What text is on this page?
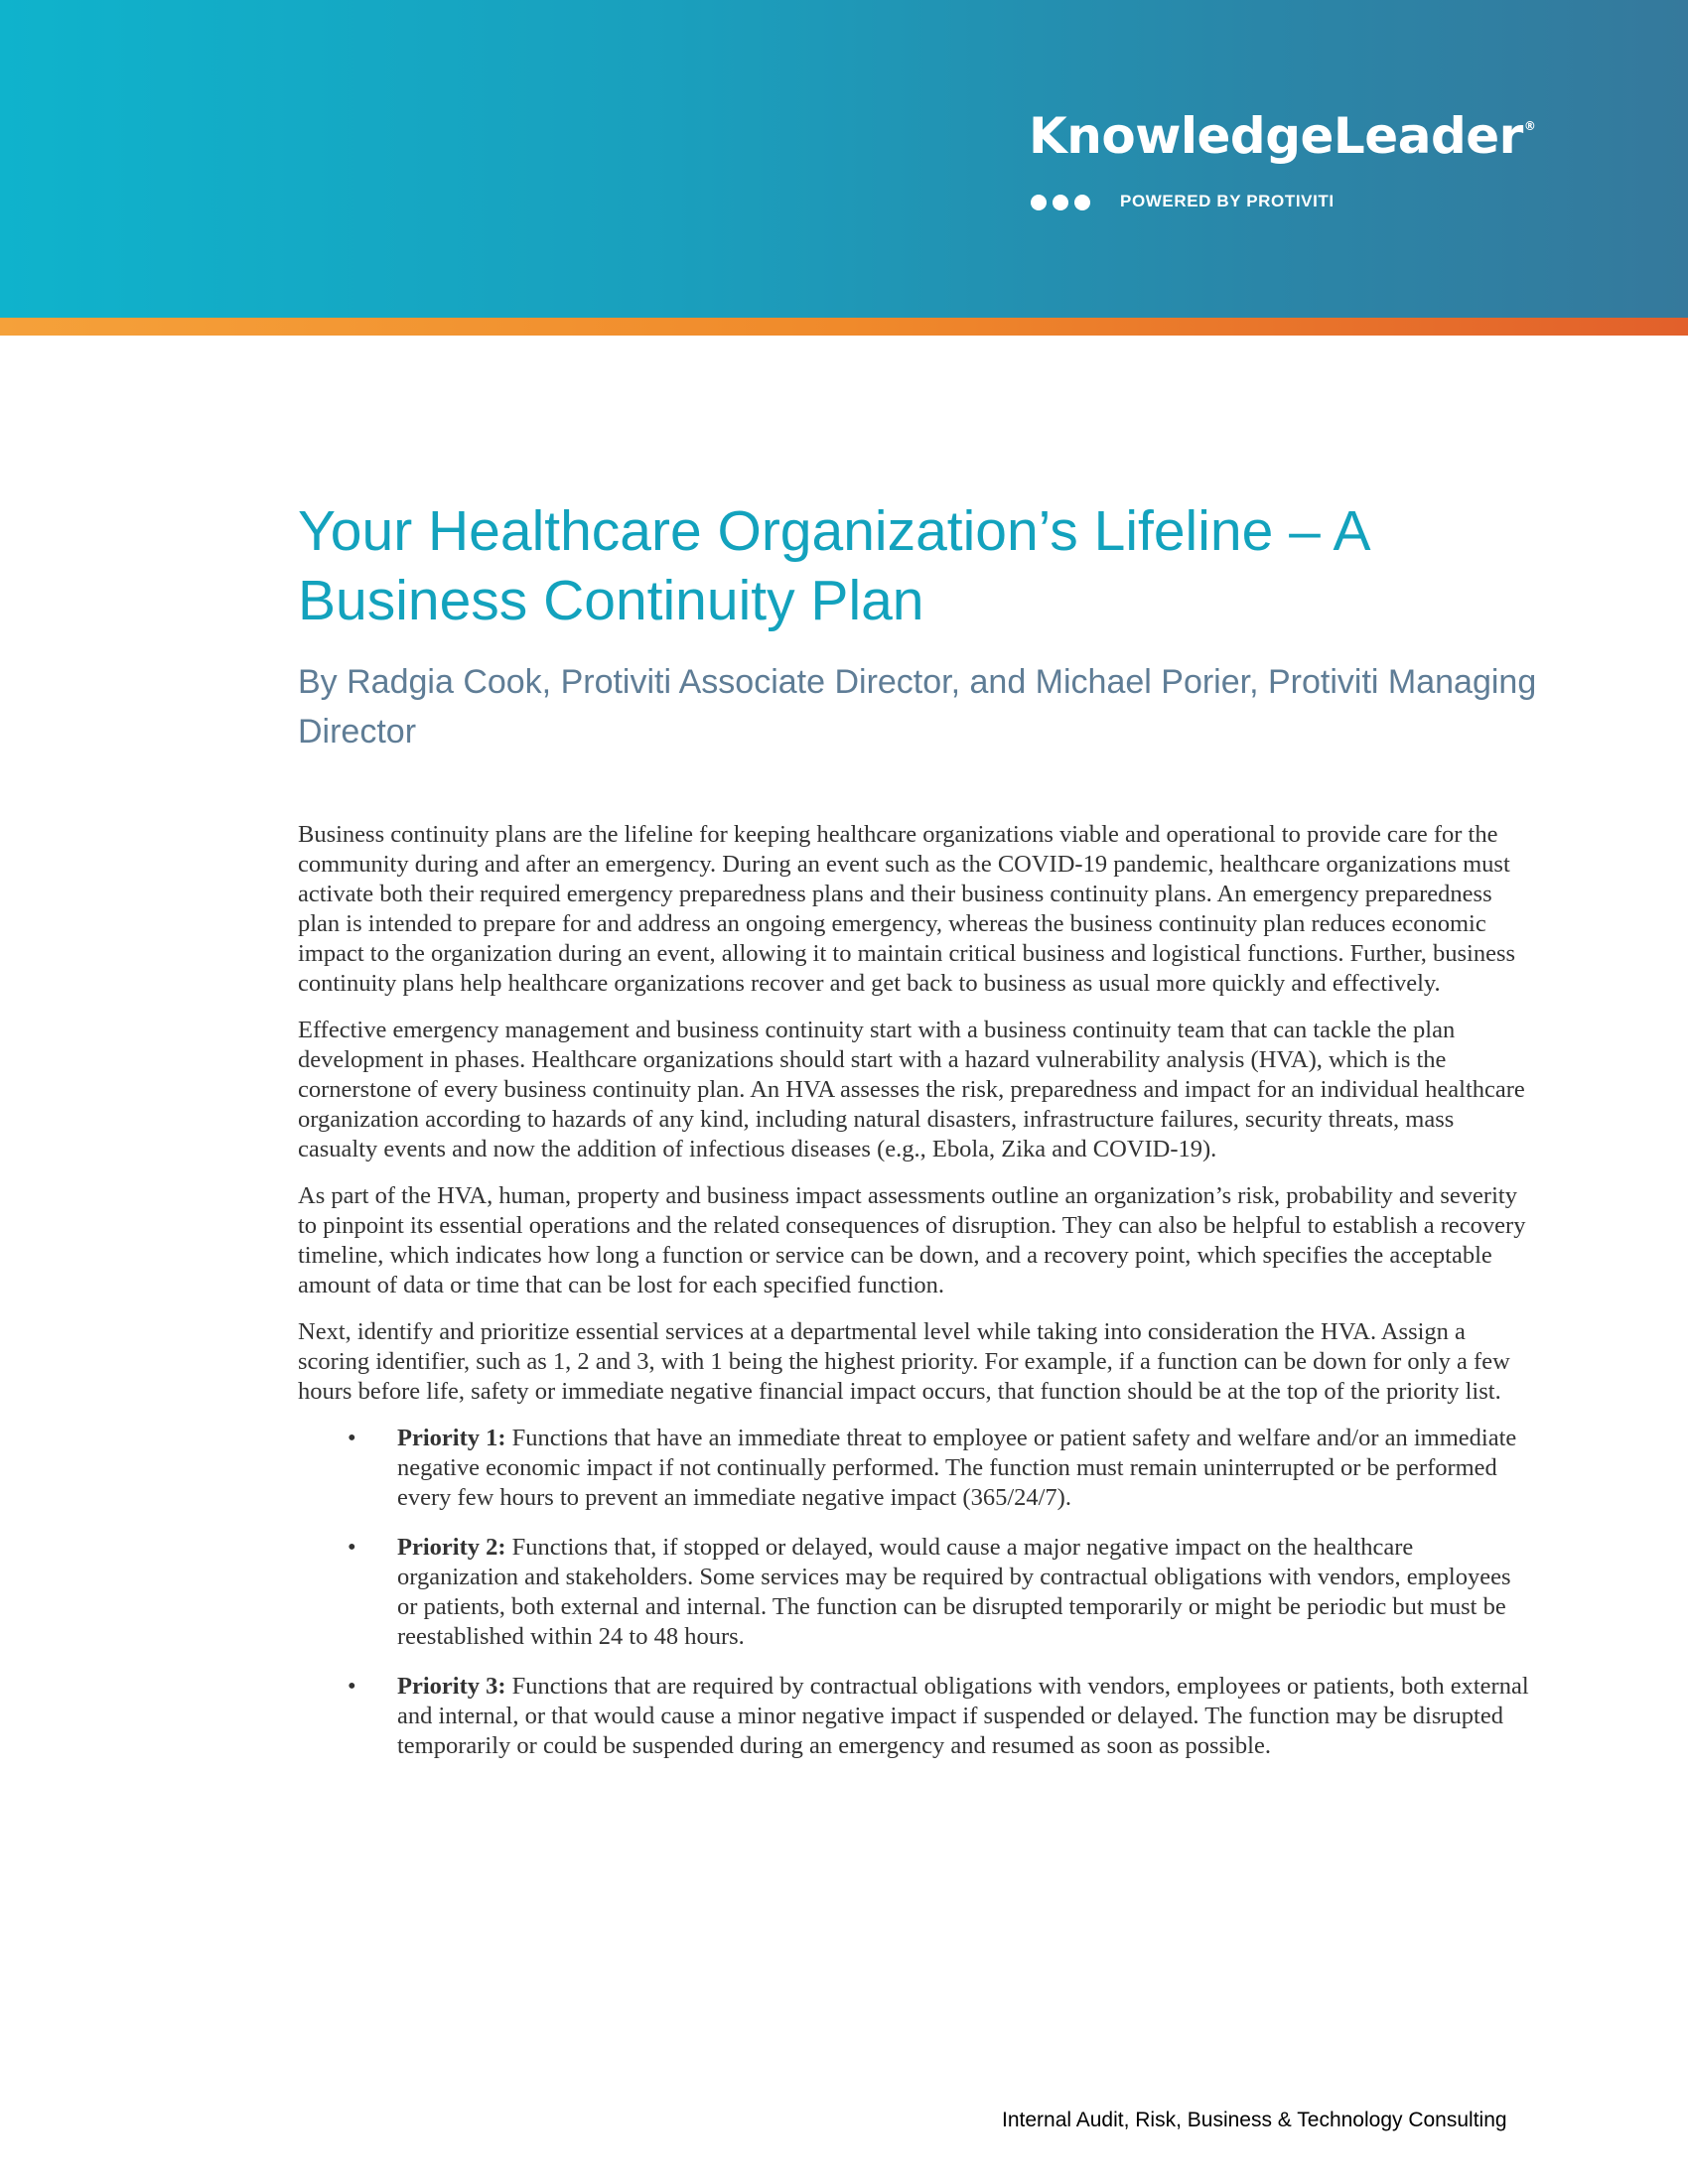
KnowledgeLeader®
POWERED BY PROTIVITI
Your Healthcare Organization’s Lifeline – A Business Continuity Plan

By Radgia Cook, Protiviti Associate Director, and Michael Porier, Protiviti Managing Director

Business continuity plans are the lifeline for keeping healthcare organizations viable and operational to provide care for the community during and after an emergency. During an event such as the COVID-19 pandemic, healthcare organizations must activate both their required emergency preparedness plans and their business continuity plans. An emergency preparedness plan is intended to prepare for and address an ongoing emergency, whereas the business continuity plan reduces economic impact to the organization during an event, allowing it to maintain critical business and logistical functions. Further, business continuity plans help healthcare organizations recover and get back to business as usual more quickly and effectively.

Effective emergency management and business continuity start with a business continuity team that can tackle the plan development in phases. Healthcare organizations should start with a hazard vulnerability analysis (HVA), which is the cornerstone of every business continuity plan. An HVA assesses the risk, preparedness and impact for an individual healthcare organization according to hazards of any kind, including natural disasters, infrastructure failures, security threats, mass casualty events and now the addition of infectious diseases (e.g., Ebola, Zika and COVID-19).

As part of the HVA, human, property and business impact assessments outline an organization’s risk, probability and severity to pinpoint its essential operations and the related consequences of disruption. They can also be helpful to establish a recovery timeline, which indicates how long a function or service can be down, and a recovery point, which specifies the acceptable amount of data or time that can be lost for each specified function.

Next, identify and prioritize essential services at a departmental level while taking into consideration the HVA. Assign a scoring identifier, such as 1, 2 and 3, with 1 being the highest priority. For example, if a function can be down for only a few hours before life, safety or immediate negative financial impact occurs, that function should be at the top of the priority list.

• Priority 1: Functions that have an immediate threat to employee or patient safety and welfare and/or an immediate negative economic impact if not continually performed. The function must remain uninterrupted or be performed every few hours to prevent an immediate negative impact (365/24/7).
• Priority 2: Functions that, if stopped or delayed, would cause a major negative impact on the healthcare organization and stakeholders. Some services may be required by contractual obligations with vendors, employees or patients, both external and internal. The function can be disrupted temporarily or might be periodic but must be reestablished within 24 to 48 hours.
• Priority 3: Functions that are required by contractual obligations with vendors, employees or patients, both external and internal, or that would cause a minor negative impact if suspended or delayed. The function may be disrupted temporarily or could be suspended during an emergency and resumed as soon as possible.
Internal Audit, Risk, Business & Technology Consulting
